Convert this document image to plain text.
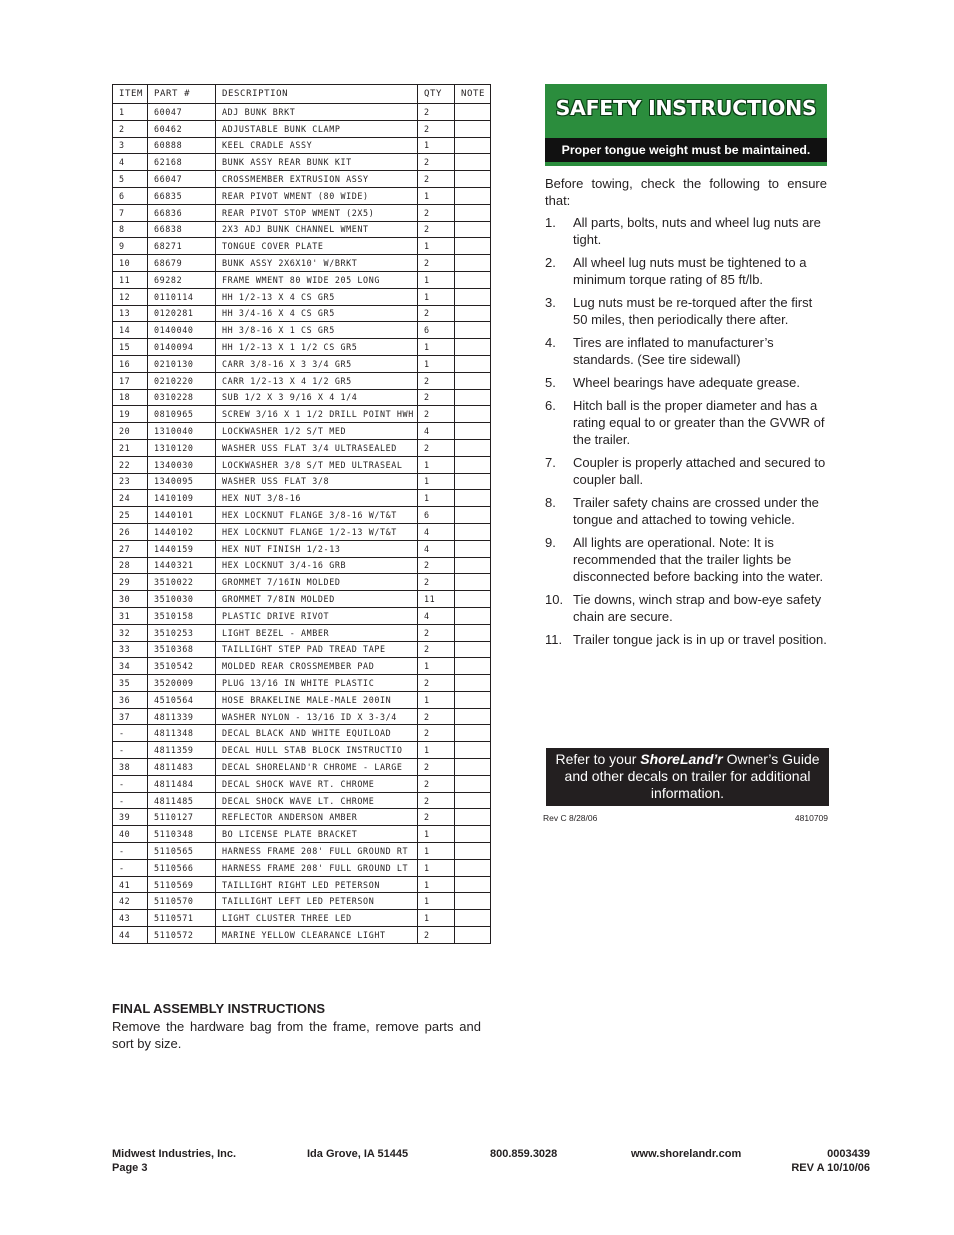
ITEM	PART #	DESCRIPTION	QTY	NOTE
1	60047	ADJ BUNK BRKT	2	
2	60462	ADJUSTABLE BUNK CLAMP	2	
3	60888	KEEL CRADLE ASSY	1	
4	62168	BUNK ASSY REAR BUNK KIT	2	
5	66047	CROSSMEMBER EXTRUSION ASSY	2	
6	66835	REAR PIVOT WMENT (80 WIDE)	1	
7	66836	REAR PIVOT STOP WMENT (2X5)	2	
8	66838	2X3 ADJ BUNK CHANNEL WMENT	2	
9	68271	TONGUE COVER PLATE	1	
10	68679	BUNK ASSY 2X6X10' W/BRKT	2	
11	69282	FRAME WMENT 80 WIDE 205 LONG	1	
12	0110114	HH 1/2-13 X 4 CS GR5	1	
13	0120281	HH 3/4-16 X 4 CS GR5	2	
14	0140040	HH 3/8-16 X 1 CS GR5	6	
15	0140094	HH 1/2-13 X 1 1/2 CS GR5	1	
16	0210130	CARR 3/8-16 X 3 3/4 GR5	1	
17	0210220	CARR 1/2-13 X 4 1/2 GR5	2	
18	0310228	SUB 1/2 X 3 9/16 X 4 1/4	2	
19	0810965	SCREW 3/16 X 1 1/2 DRILL POINT HWH	2	
20	1310040	LOCKWASHER 1/2 S/T MED	4	
21	1310120	WASHER USS FLAT 3/4 ULTRASEALED	2	
22	1340030	LOCKWASHER 3/8 S/T MED ULTRASEAL	1	
23	1340095	WASHER USS FLAT 3/8	1	
24	1410109	HEX NUT 3/8-16	1	
25	1440101	HEX LOCKNUT FLANGE 3/8-16 W/T&T	6	
26	1440102	HEX LOCKNUT FLANGE 1/2-13 W/T&T	4	
27	1440159	HEX NUT FINISH 1/2-13	4	
28	1440321	HEX LOCKNUT 3/4-16 GRB	2	
29	3510022	GROMMET 7/16IN MOLDED	2	
30	3510030	GROMMET 7/8IN MOLDED	11	
31	3510158	PLASTIC DRIVE RIVOT	4	
32	3510253	LIGHT BEZEL - AMBER	2	
33	3510368	TAILLIGHT STEP PAD TREAD TAPE	2	
34	3510542	MOLDED REAR CROSSMEMBER PAD	1	
35	3520009	PLUG 13/16 IN WHITE PLASTIC	2	
36	4510564	HOSE BRAKELINE MALE-MALE 200IN	1	
37	4811339	WASHER NYLON - 13/16 ID X 3-3/4	2	
-	4811348	DECAL BLACK AND WHITE EQUILOAD	2	
-	4811359	DECAL HULL STAB BLOCK INSTRUCTIO	1	
38	4811483	DECAL SHORELAND'R CHROME - LARGE	2	
-	4811484	DECAL SHOCK WAVE RT. CHROME	2	
-	4811485	DECAL SHOCK WAVE LT. CHROME	2	
39	5110127	REFLECTOR ANDERSON AMBER	2	
40	5110348	BO LICENSE PLATE BRACKET	1	
-	5110565	HARNESS FRAME 208' FULL GROUND RT	1	
-	5110566	HARNESS FRAME 208' FULL GROUND LT	1	
41	5110569	TAILLIGHT RIGHT LED PETERSON	1	
42	5110570	TAILLIGHT LEFT LED PETERSON	1	
43	5110571	LIGHT CLUSTER THREE LED	1	
44	5110572	MARINE YELLOW CLEARANCE LIGHT	2	
SAFETY INSTRUCTIONS
Proper tongue weight must be maintained.
Before towing, check the following to ensure that:
1. All parts, bolts, nuts and wheel lug nuts are tight.
2. All wheel lug nuts must be tightened to a minimum torque rating of 85 ft/lb.
3. Lug nuts must be re-torqued after the first 50 miles, then periodically there after.
4. Tires are inflated to manufacturer’s standards. (See tire sidewall)
5. Wheel bearings have adequate grease.
6. Hitch ball is the proper diameter and has a rating equal to or greater than the GVWR of the trailer.
7. Coupler is properly attached and secured to coupler ball.
8. Trailer safety chains are crossed under the tongue and attached to towing vehicle.
9. All lights are operational. Note: It is recommended that the trailer lights be disconnected before backing into the water.
10. Tie downs, winch strap and bow-eye safety chain are secure.
11. Trailer tongue jack is in up or travel position.
Refer to your ShoreLand’r Owner’s Guide and other decals on trailer for additional information.
Rev C 8/28/06	4810709
FINAL ASSEMBLY INSTRUCTIONS
Remove the hardware bag from the frame, remove parts and sort by size.
Midwest Industries, Inc.
Page 3
Ida Grove, IA 51445	800.859.3028	www.shorelandr.com	0003439
REV A 10/10/06
